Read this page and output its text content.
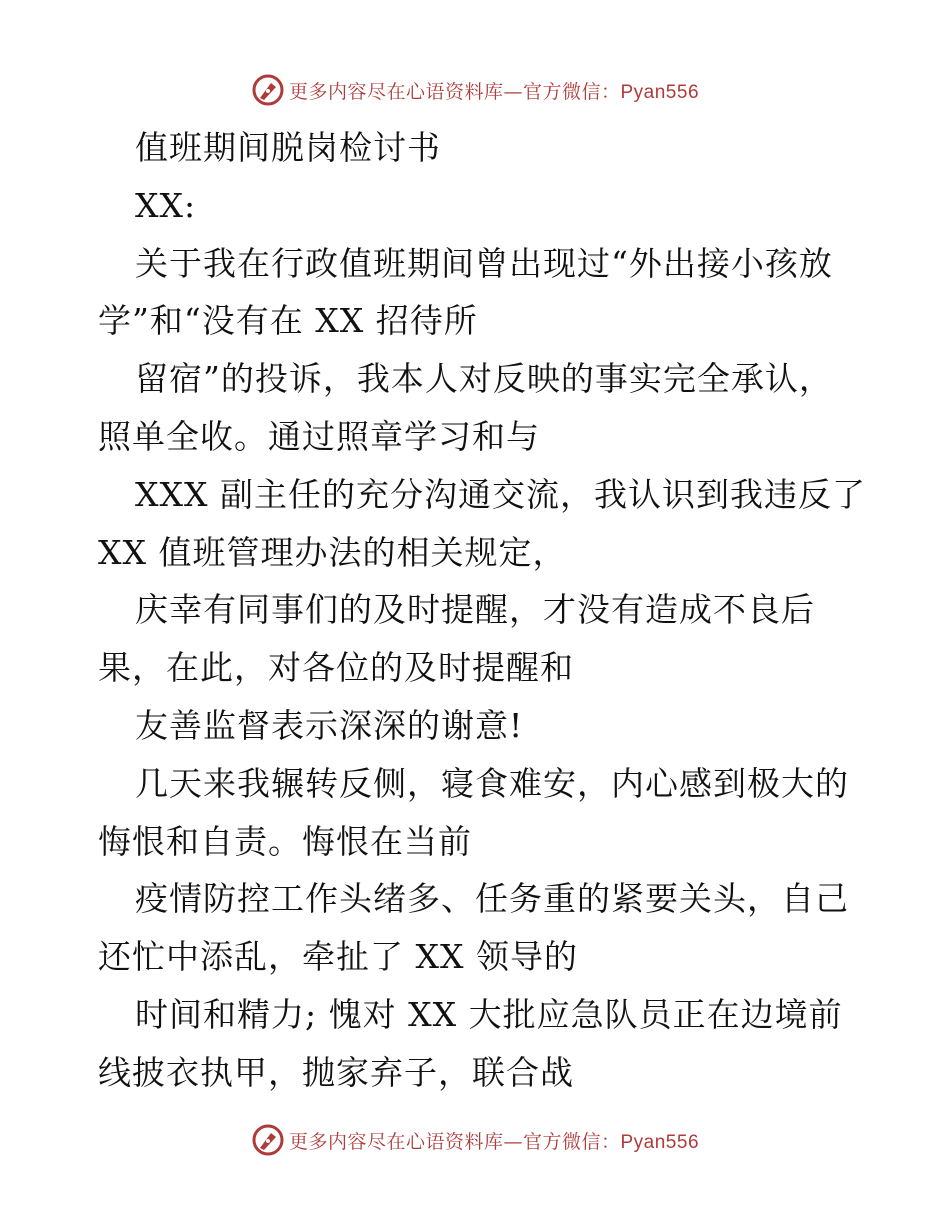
更多内容尽在心语资料库—官方微信：Pyan556

值班期间脱岗检讨书

XX:

关于我在行政值班期间曾出现过“外出接小孩放

学”和“没有在 XX 招待所

留宿”的投诉，我本人对反映的事实完全承认，

照单全收。通过照章学习和与

XXX 副主任的充分沟通交流，我认识到我违反了

XX 值班管理办法的相关规定，

庆幸有同事们的及时提醒，才没有造成不良后

果，在此，对各位的及时提醒和

友善监督表示深深的谢意!

几天来我辗转反侧，寝食难安，内心感到极大的

悔恨和自责。悔恨在当前

疫情防控工作头绪多、任务重的紧要关头，自己

还忙中添乱，牵扯了 XX 领导的

时间和精力; 愧对 XX 大批应急队员正在边境前

线披衣执甲，抛家弃子，联合战

更多内容尽在心语资料库—官方微信：Pyan556
